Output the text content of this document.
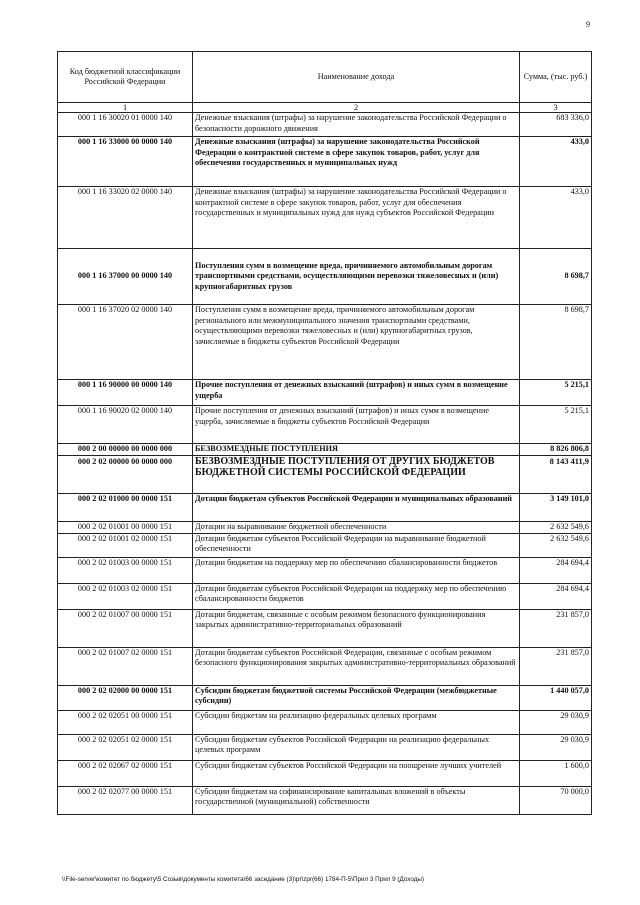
9
Код бюджетной классификации Российской Федерации	Наименование дохода	Сумма, (тыс. руб.)
1	2	3
000 1 16 30020 01 0000 140	Денежные взыскания (штрафы) за нарушение законодательства Российской Федерации о безопасности дорожного движения	683 336,0
000 1 16 33000 00 0000 140	Денежные взыскания (штрафы) за нарушение законодательства Российской Федерации о контрактной системе в сфере закупок товаров, работ, услуг для обеспечения государственных и муниципальных нужд	433,0
000 1 16 33020 02 0000 140	Денежные взыскания (штрафы) за нарушение законодательства Российской Федерации о контрактной системе в сфере закупок товаров, работ, услуг для обеспечения государственных и муниципальных нужд для нужд субъектов Российской Федерации	433,0
000 1 16 37000 00 0000 140	Поступления сумм в возмещение вреда, причиняемого автомобильным дорогам транспортными средствами, осуществляющими перевозки тяжеловесных и (или) крупногабаритных грузов	8 698,7
000 1 16 37020 02 0000 140	Поступления сумм в возмещение вреда, причиняемого автомобильным дорогам регионального или межмуниципального значения транспортными средствами, осуществляющими перевозки тяжеловесных и (или) крупногабаритных грузов, зачисляемые в бюджеты субъектов Российской Федерации	8 698,7
000 1 16 90000 00 0000 140	Прочие поступления от денежных взысканий (штрафов) и иных сумм в возмещение ущерба	5 215,1
000 1 16 90020 02 0000 140	Прочие поступления от денежных взысканий (штрафов) и иных сумм в возмещение ущерба, зачисляемые в бюджеты субъектов Российской Федерации	5 215,1
000 2 00 00000 00 0000 000	БЕЗВОЗМЕЗДНЫЕ ПОСТУПЛЕНИЯ	8 826 806,8
000 2 02 00000 00 0000 000	БЕЗВОЗМЕЗДНЫЕ ПОСТУПЛЕНИЯ ОТ ДРУГИХ БЮДЖЕТОВ БЮДЖЕТНОЙ СИСТЕМЫ РОССИЙСКОЙ ФЕДЕРАЦИИ	8 143 411,9
000 2 02 01000 00 0000 151	Дотации бюджетам субъектов Российской Федерации и муниципальных образований	3 149 101,0
000 2 02 01001 00 0000 151	Дотации на выравнивание бюджетной обеспеченности	2 632 549,6
000 2 02 01001 02 0000 151	Дотации бюджетам субъектов Российской Федерации на выравнивание бюджетной обеспеченности	2 632 549,6
000 2 02 01003 00 0000 151	Дотации бюджетам на поддержку мер по обеспечению сбалансированности бюджетов	284 694,4
000 2 02 01003 02 0000 151	Дотации бюджетам субъектов Российской Федерации на поддержку мер по обеспечению сбалансированности бюджетов	284 694,4
000 2 02 01007 00 0000 151	Дотации бюджетам, связанные с особым режимом безопасного функционирования закрытых административно-территориальных образований	231 857,0
000 2 02 01007 02 0000 151	Дотации бюджетам субъектов Российской Федерации, связанные с особым режимом безопасного функционирования закрытых административно-территориальных образований	231 857,0
000 2 02 02000 00 0000 151	Субсидии бюджетам бюджетной системы Российской Федерации (межбюджетные субсидии)	1 440 057,0
000 2 02 02051 00 0000 151	Субсидии бюджетам на реализацию федеральных целевых программ	29 030,9
000 2 02 02051 02 0000 151	Субсидии бюджетам субъектов Российской Федерации на реализацию федеральных целевых программ	29 030,9
000 2 02 02067 02 0000 151	Субсидии бюджетам субъектов Российской Федерации на поощрение лучших учителей	1 600,0
000 2 02 02077 00 0000 151	Субсидии бюджетам на софинансирование капитальных вложений в объекты государственной (муниципальной) собственности	70 000,0
\\File-server\комитет по бюджету\5 Созыв\документы комитета\66 заседание (3)\pr\zpr(66) 1784-П-5\Прил 3 Прил 9 (Доходы)
